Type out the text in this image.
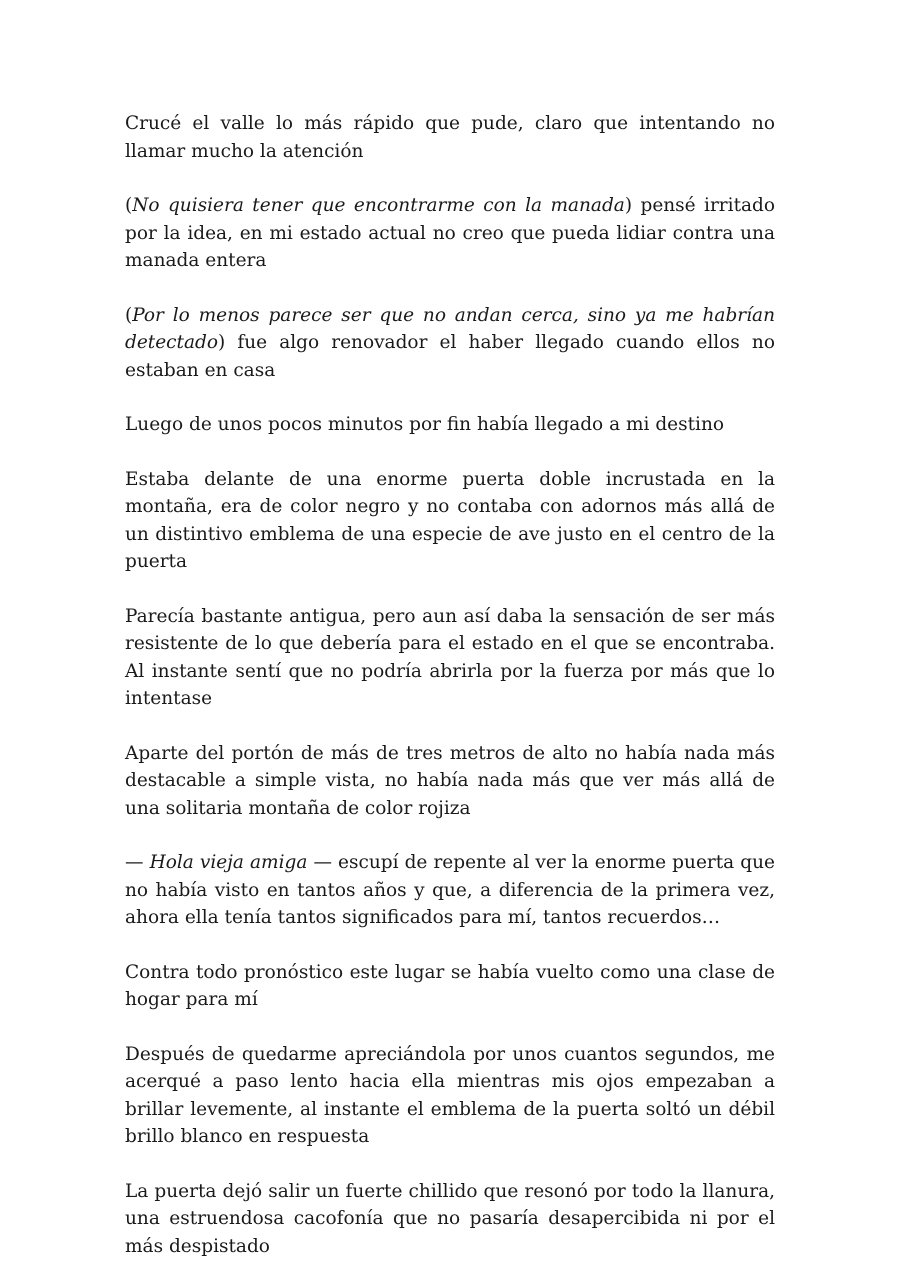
Crucé el valle lo más rápido que pude, claro que intentando no llamar mucho la atención

(No quisiera tener que encontrarme con la manada) pensé irritado por la idea, en mi estado actual no creo que pueda lidiar contra una manada entera

(Por lo menos parece ser que no andan cerca, sino ya me habrían detectado) fue algo renovador el haber llegado cuando ellos no estaban en casa

Luego de unos pocos minutos por fin había llegado a mi destino

Estaba delante de una enorme puerta doble incrustada en la montaña, era de color negro y no contaba con adornos más allá de un distintivo emblema de una especie de ave justo en el centro de la puerta

Parecía bastante antigua, pero aun así daba la sensación de ser más resistente de lo que debería para el estado en el que se encontraba. Al instante sentí que no podría abrirla por la fuerza por más que lo intentase

Aparte del portón de más de tres metros de alto no había nada más destacable a simple vista, no había nada más que ver más allá de una solitaria montaña de color rojiza

— Hola vieja amiga — escupí de repente al ver la enorme puerta que no había visto en tantos años y que, a diferencia de la primera vez, ahora ella tenía tantos significados para mí, tantos recuerdos…

Contra todo pronóstico este lugar se había vuelto como una clase de hogar para mí

Después de quedarme apreciándola por unos cuantos segundos, me acerqué a paso lento hacia ella mientras mis ojos empezaban a brillar levemente, al instante el emblema de la puerta soltó un débil brillo blanco en respuesta

La puerta dejó salir un fuerte chillido que resonó por todo la llanura, una estruendosa cacofonía que no pasaría desapercibida ni por el más despistado
